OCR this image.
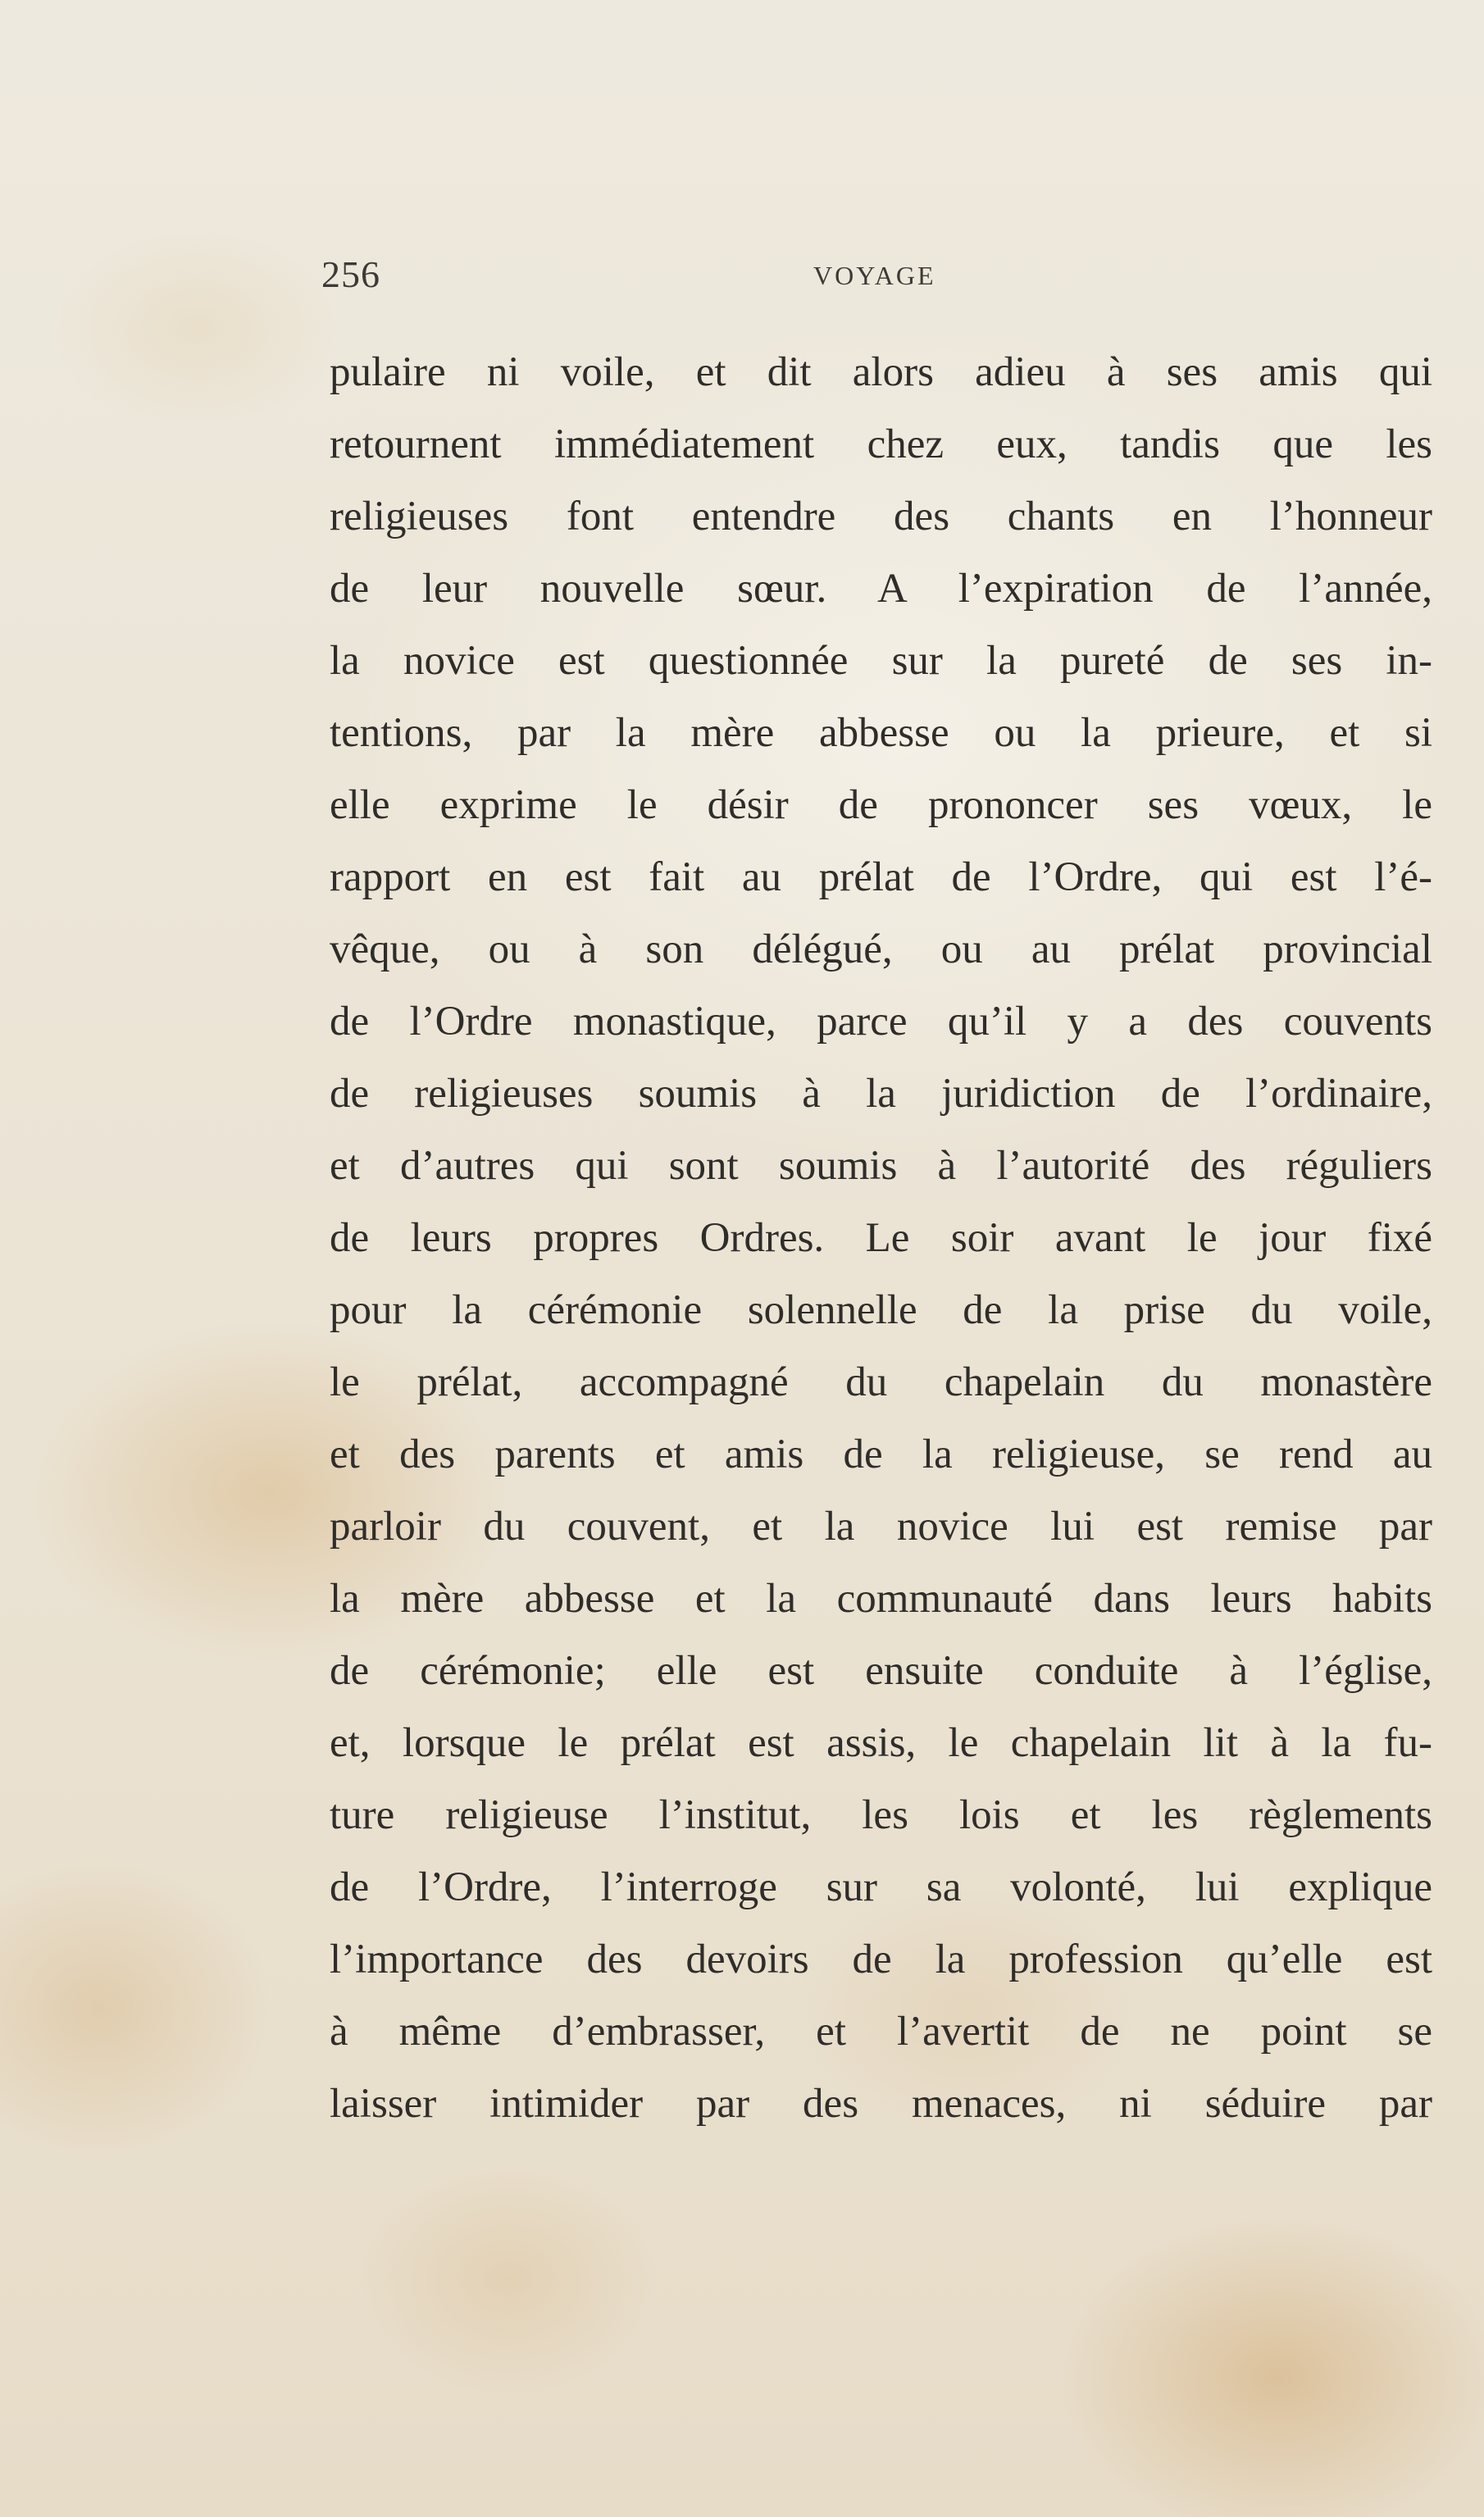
256	VOYAGE
pulaire ni voile, et dit alors adieu à ses amis qui
retournent immédiatement chez eux, tandis que les
religieuses font entendre des chants en l’honneur
de leur nouvelle sœur. A l’expiration de l’année,
la novice est questionnée sur la pureté de ses in-
tentions, par la mère abbesse ou la prieure, et si
elle exprime le désir de prononcer ses vœux, le
rapport en est fait au prélat de l’Ordre, qui est l’é-
vêque, ou à son délégué, ou au prélat provincial
de l’Ordre monastique, parce qu’il y a des couvents
de religieuses soumis à la juridiction de l’ordinaire,
et d’autres qui sont soumis à l’autorité des réguliers
de leurs propres Ordres. Le soir avant le jour fixé
pour la cérémonie solennelle de la prise du voile,
le prélat, accompagné du chapelain du monastère
et des parents et amis de la religieuse, se rend au
parloir du couvent, et la novice lui est remise par
la mère abbesse et la communauté dans leurs habits
de cérémonie; elle est ensuite conduite à l’église,
et, lorsque le prélat est assis, le chapelain lit à la fu-
ture religieuse l’institut, les lois et les règlements
de l’Ordre, l’interroge sur sa volonté, lui explique
l’importance des devoirs de la profession qu’elle est
à même d’embrasser, et l’avertit de ne point se
laisser intimider par des menaces, ni séduire par
